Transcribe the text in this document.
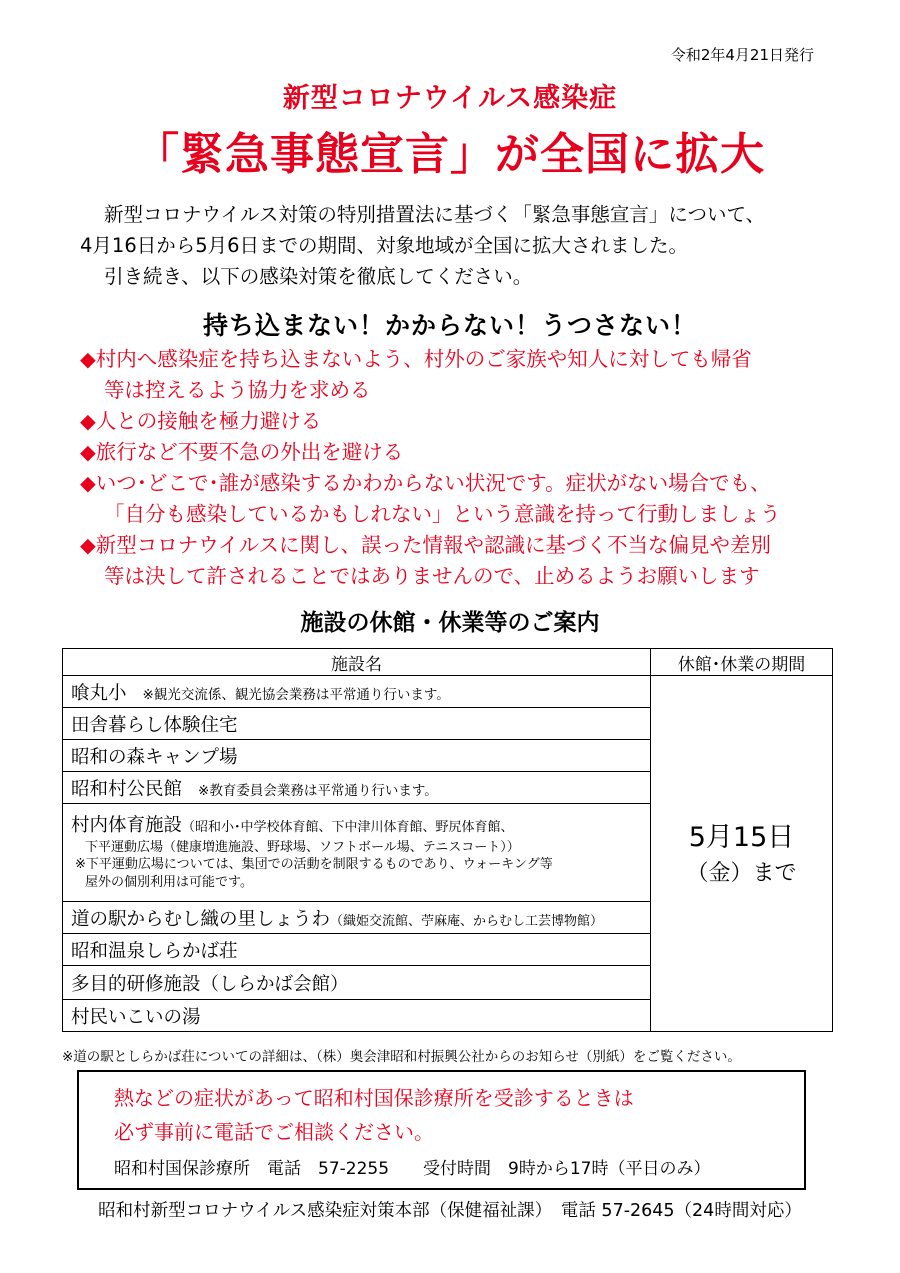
令和2年4月21日発行
新型コロナウイルス感染症
「緊急事態宣言」が全国に拡大
新型コロナウイルス対策の特別措置法に基づく「緊急事態宣言」について、
4月16日から5月6日までの期間、対象地域が全国に拡大されました。
引き続き、以下の感染対策を徹底してください。
持ち込まない！かからない！うつさない！
◆村内へ感染症を持ち込まないよう、村外のご家族や知人に対しても帰省
等は控えるよう協力を求める
◆人との接触を極力避ける
◆旅行など不要不急の外出を避ける
◆いつ･どこで･誰が感染するかわからない状況です。症状がない場合でも、
「自分も感染しているかもしれない」という意識を持って行動しましょう
◆新型コロナウイルスに関し、誤った情報や認識に基づく不当な偏見や差別
等は決して許されることではありませんので、止めるようお願いします
施設の休館・休業等のご案内
施設名	休館･休業の期間
喰丸小　 ※観光交流係、観光協会業務は平常通り行います。	5月15日
（金）まで

田舎暮らし体験住宅	
昭和の森キャンプ場	
昭和村公民館　 ※教育委員会業務は平常通り行います。	

村内体育施設（昭和小･中学校体育館、下中津川体育館、野尻体育館、
下平運動広場（健康増進施設、野球場、ソフトボール場、テニスコート））
※下平運動広場については、集団での活動を制限するものであり、ウォーキング等
屋外の個別利用は可能です。	

道の駅からむし織の里しょうわ（織姫交流館、苧麻庵、からむし工芸博物館）	
昭和温泉しらかば荘	
多目的研修施設（しらかば会館）	
村民いこいの湯	
※道の駅としらかば荘についての詳細は、（株）奥会津昭和村振興公社からのお知らせ（別紙）をご覧ください。
熱などの症状があって昭和村国保診療所を受診するときは
必ず事前に電話でご相談ください。
昭和村国保診療所　電話　57-2255　　受付時間　9時から17時（平日のみ）
昭和村新型コロナウイルス感染症対策本部（保健福祉課）　電話 57-2645（24時間対応）
